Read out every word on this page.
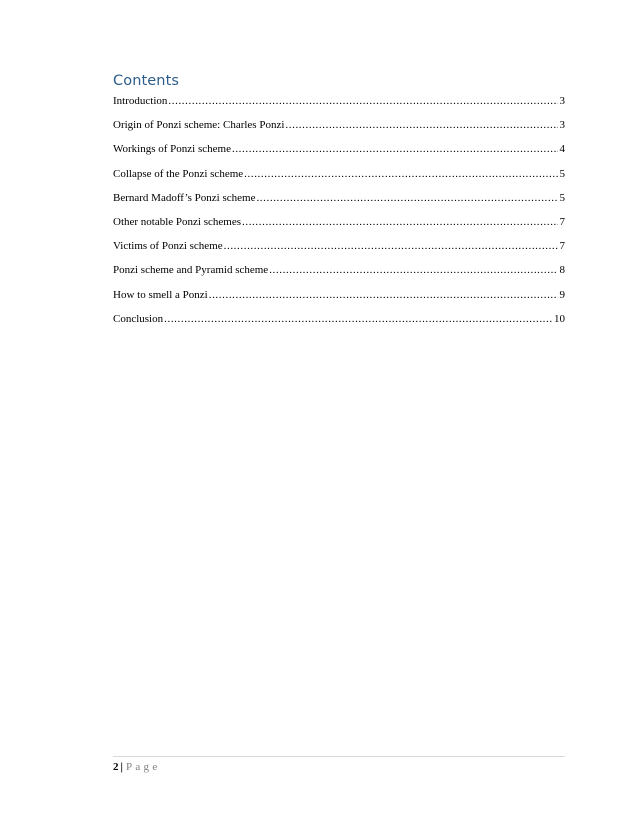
Contents
Introduction .....	3
Origin of Ponzi scheme: Charles Ponzi .....	3
Workings of Ponzi scheme .....	4
Collapse of the Ponzi scheme .....	5
Bernard Madoff’s Ponzi scheme .....	5
Other notable Ponzi schemes .....	7
Victims of Ponzi scheme .....	7
Ponzi scheme and Pyramid scheme .....	8
How to smell a Ponzi .....	9
Conclusion .....	10
2 | Page
